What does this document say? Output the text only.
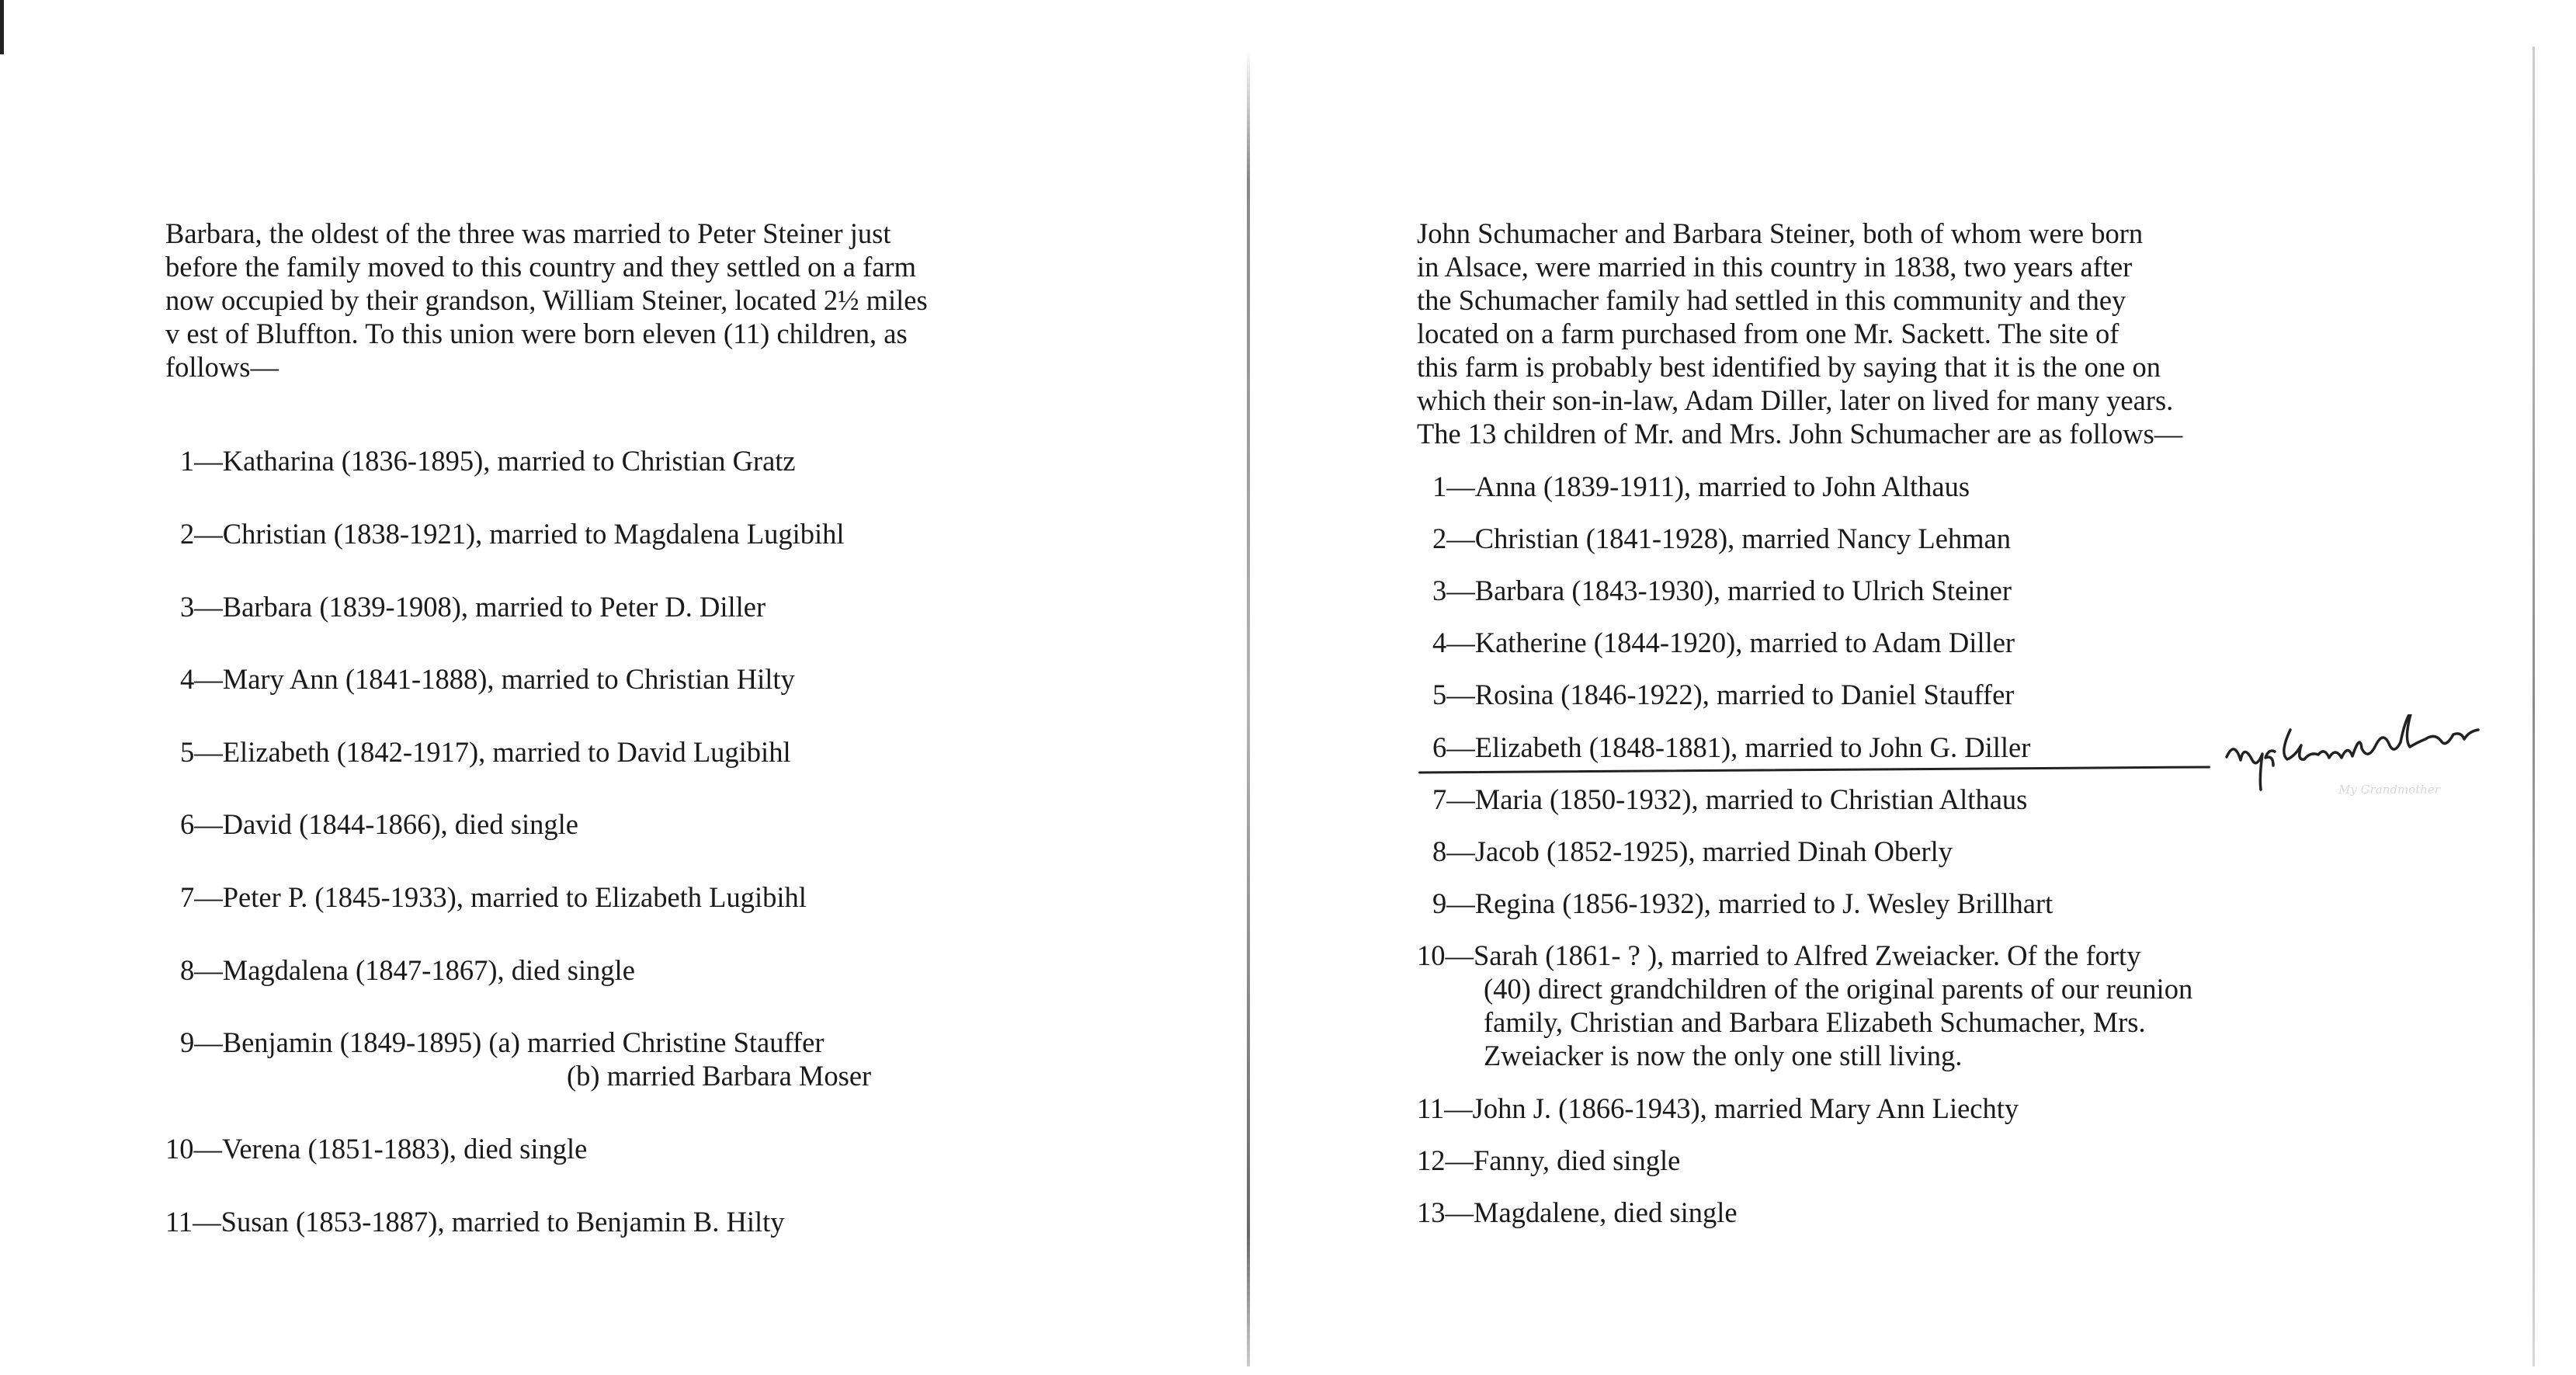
Barbara, the oldest of the three was married to Peter Steiner just
before the family moved to this country and they settled on a farm
now occupied by their grandson, William Steiner, located 2½ miles
v est of Bluffton. To this union were born eleven (11) children, as
follows—
1—Katharina (1836-1895), married to Christian Gratz
2—Christian (1838-1921), married to Magdalena Lugibihl
3—Barbara (1839-1908), married to Peter D. Diller
4—Mary Ann (1841-1888), married to Christian Hilty
5—Elizabeth (1842-1917), married to David Lugibihl
6—David (1844-1866), died single
7—Peter P. (1845-1933), married to Elizabeth Lugibihl
8—Magdalena (1847-1867), died single
9—Benjamin (1849-1895) (a) married Christine Stauffer
(b) married Barbara Moser
10—Verena (1851-1883), died single
11—Susan (1853-1887), married to Benjamin B. Hilty
John Schumacher and Barbara Steiner, both of whom were born
in Alsace, were married in this country in 1838, two years after
the Schumacher family had settled in this community and they
located on a farm purchased from one Mr. Sackett. The site of
this farm is probably best identified by saying that it is the one on
which their son-in-law, Adam Diller, later on lived for many years.
The 13 children of Mr. and Mrs. John Schumacher are as follows—
1—Anna (1839-1911), married to John Althaus
2—Christian (1841-1928), married Nancy Lehman
3—Barbara (1843-1930), married to Ulrich Steiner
4—Katherine (1844-1920), married to Adam Diller
5—Rosina (1846-1922), married to Daniel Stauffer
6—Elizabeth (1848-1881), married to John G. Diller
My Grandmother
7—Maria (1850-1932), married to Christian Althaus
8—Jacob (1852-1925), married Dinah Oberly
9—Regina (1856-1932), married to J. Wesley Brillhart
10—Sarah (1861- ? ), married to Alfred Zweiacker. Of the forty
(40) direct grandchildren of the original parents of our reunion
family, Christian and Barbara Elizabeth Schumacher, Mrs.
Zweiacker is now the only one still living.
11—John J. (1866-1943), married Mary Ann Liechty
12—Fanny, died single
13—Magdalene, died single
